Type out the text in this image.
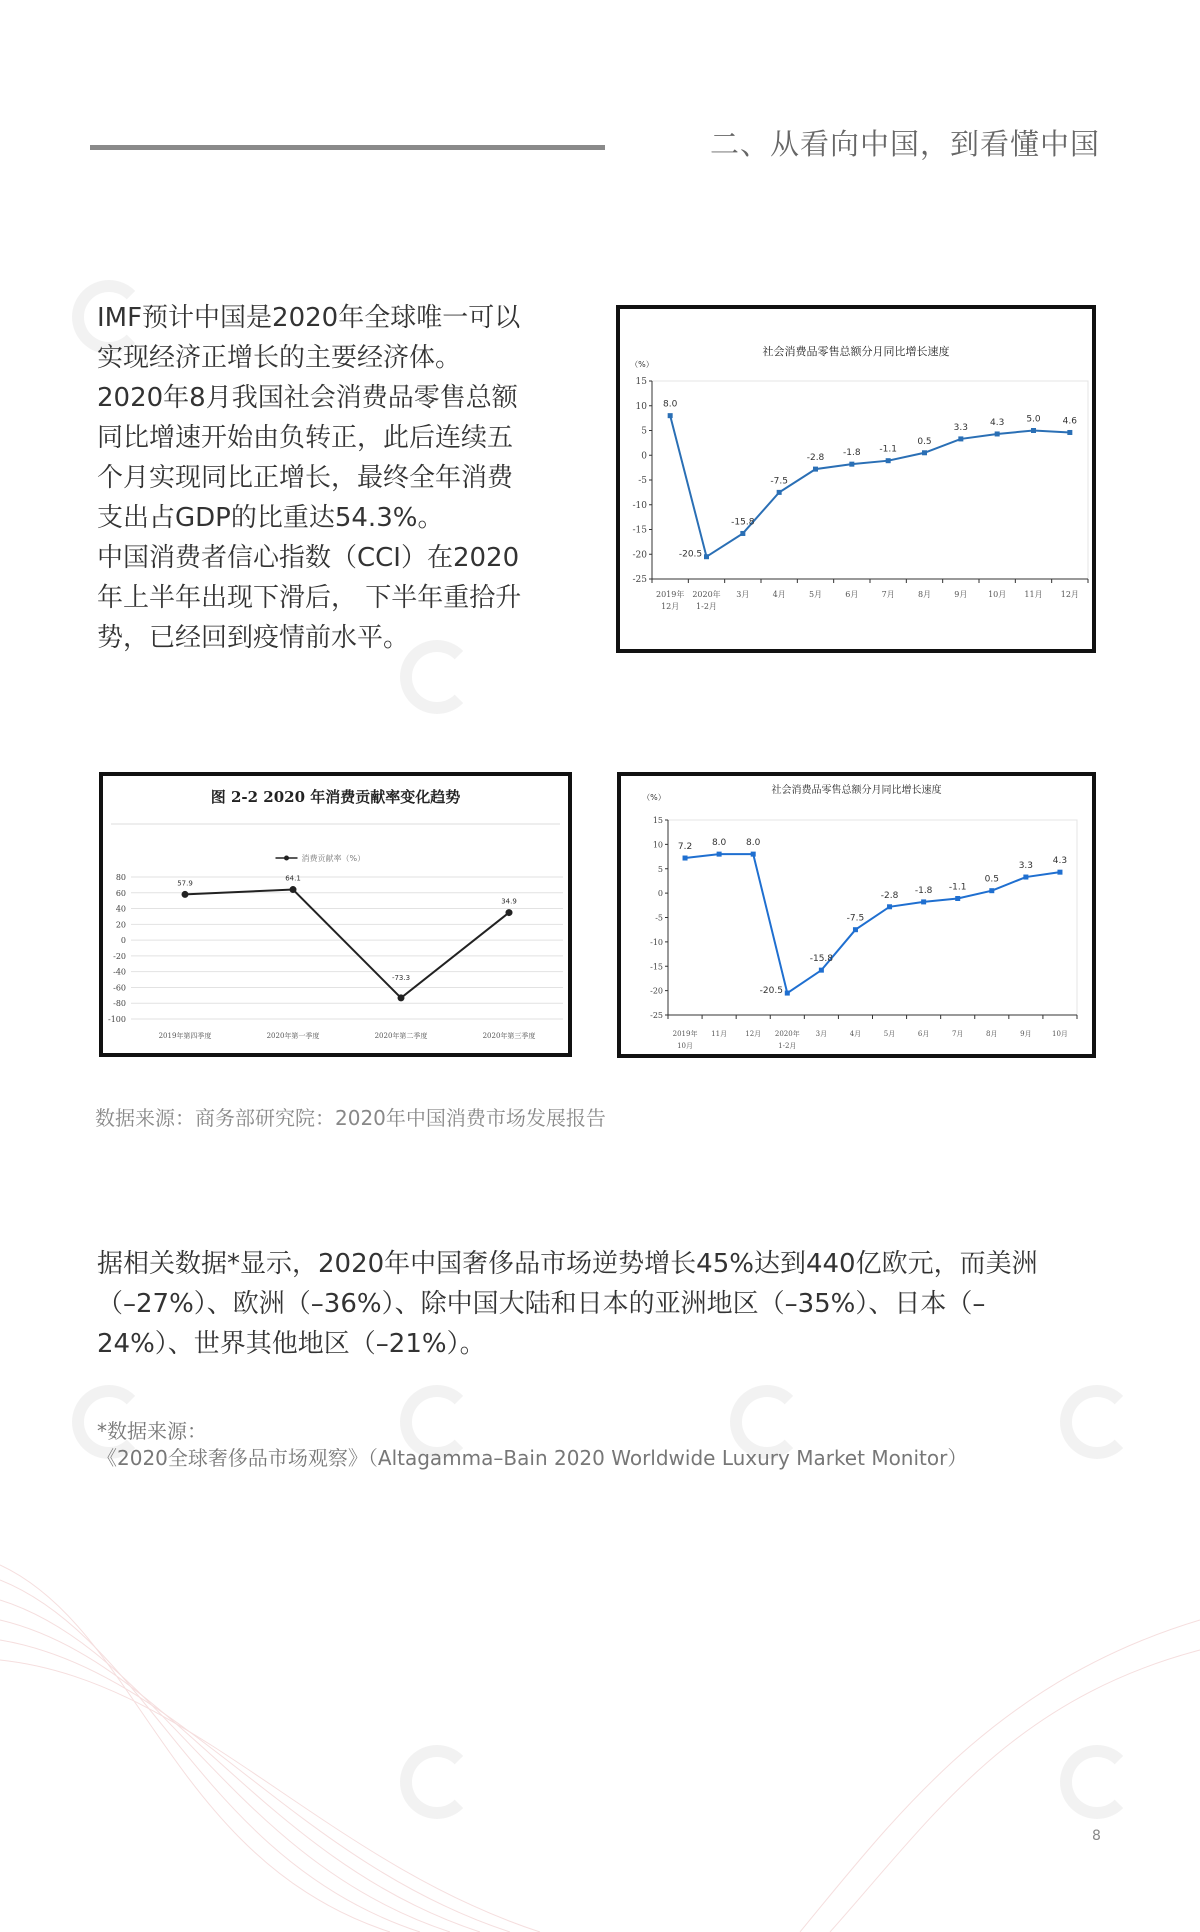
二、从看向中国，到看懂中国
IMF预计中国是2020年全球唯一可以
实现经济正增长的主要经济体。
2020年8月我国社会消费品零售总额
同比增速开始由负转正，此后连续五
个月实现同比正增长，最终全年消费
支出占GDP的比重达54.3%。
中国消费者信心指数（CCI）在2020
年上半年出现下滑后， 下半年重拾升
势，已经回到疫情前水平。
社会消费品零售总额分月同比增长速度
（%）
15
10
5
0
-5
-10
-15
-20
-25
2019年
12月
2020年
1-2月
3月	4月	5月	6月	7月	8月	9月	10月 11月 12月
8.0
-20.5
-15.8
-7.5
-2.8 -1.8 -1.1
0.5
3.3 4.3 5.0 4.6
图 2-2 2020 年消费贡献率变化趋势
消费贡献率（%）
80
60
40
20
0
-20
-40
-60
-80
-100
2019年第四季度	2020年第一季度	2020年第二季度	2020年第三季度
57.9
64.1
-73.3
34.9
社会消费品零售总额分月同比增长速度
（%）
15
10
5
0
-5
-10
-15
-20
-25
2019年
10月
11月	12月 2020年
1-2月
3月	4月	5月	6月	7月	8月	9月	10月
7.2 8.0 8.0
-20.5
-15.8
-7.5
-2.8 -1.8 -1.1
0.5
3.3 4.3
数据来源：商务部研究院：2020年中国消费市场发展报告
据相关数据*显示，2020年中国奢侈品市场逆势增长45%达到440亿欧元，而美洲
（–27%）、欧洲（–36%）、除中国大陆和日本的亚洲地区（–35%）、日本（–
24%）、世界其他地区（–21%）。
*数据来源：
《2020全球奢侈品市场观察》（Altagamma–Bain 2020 Worldwide Luxury Market Monitor）
8
